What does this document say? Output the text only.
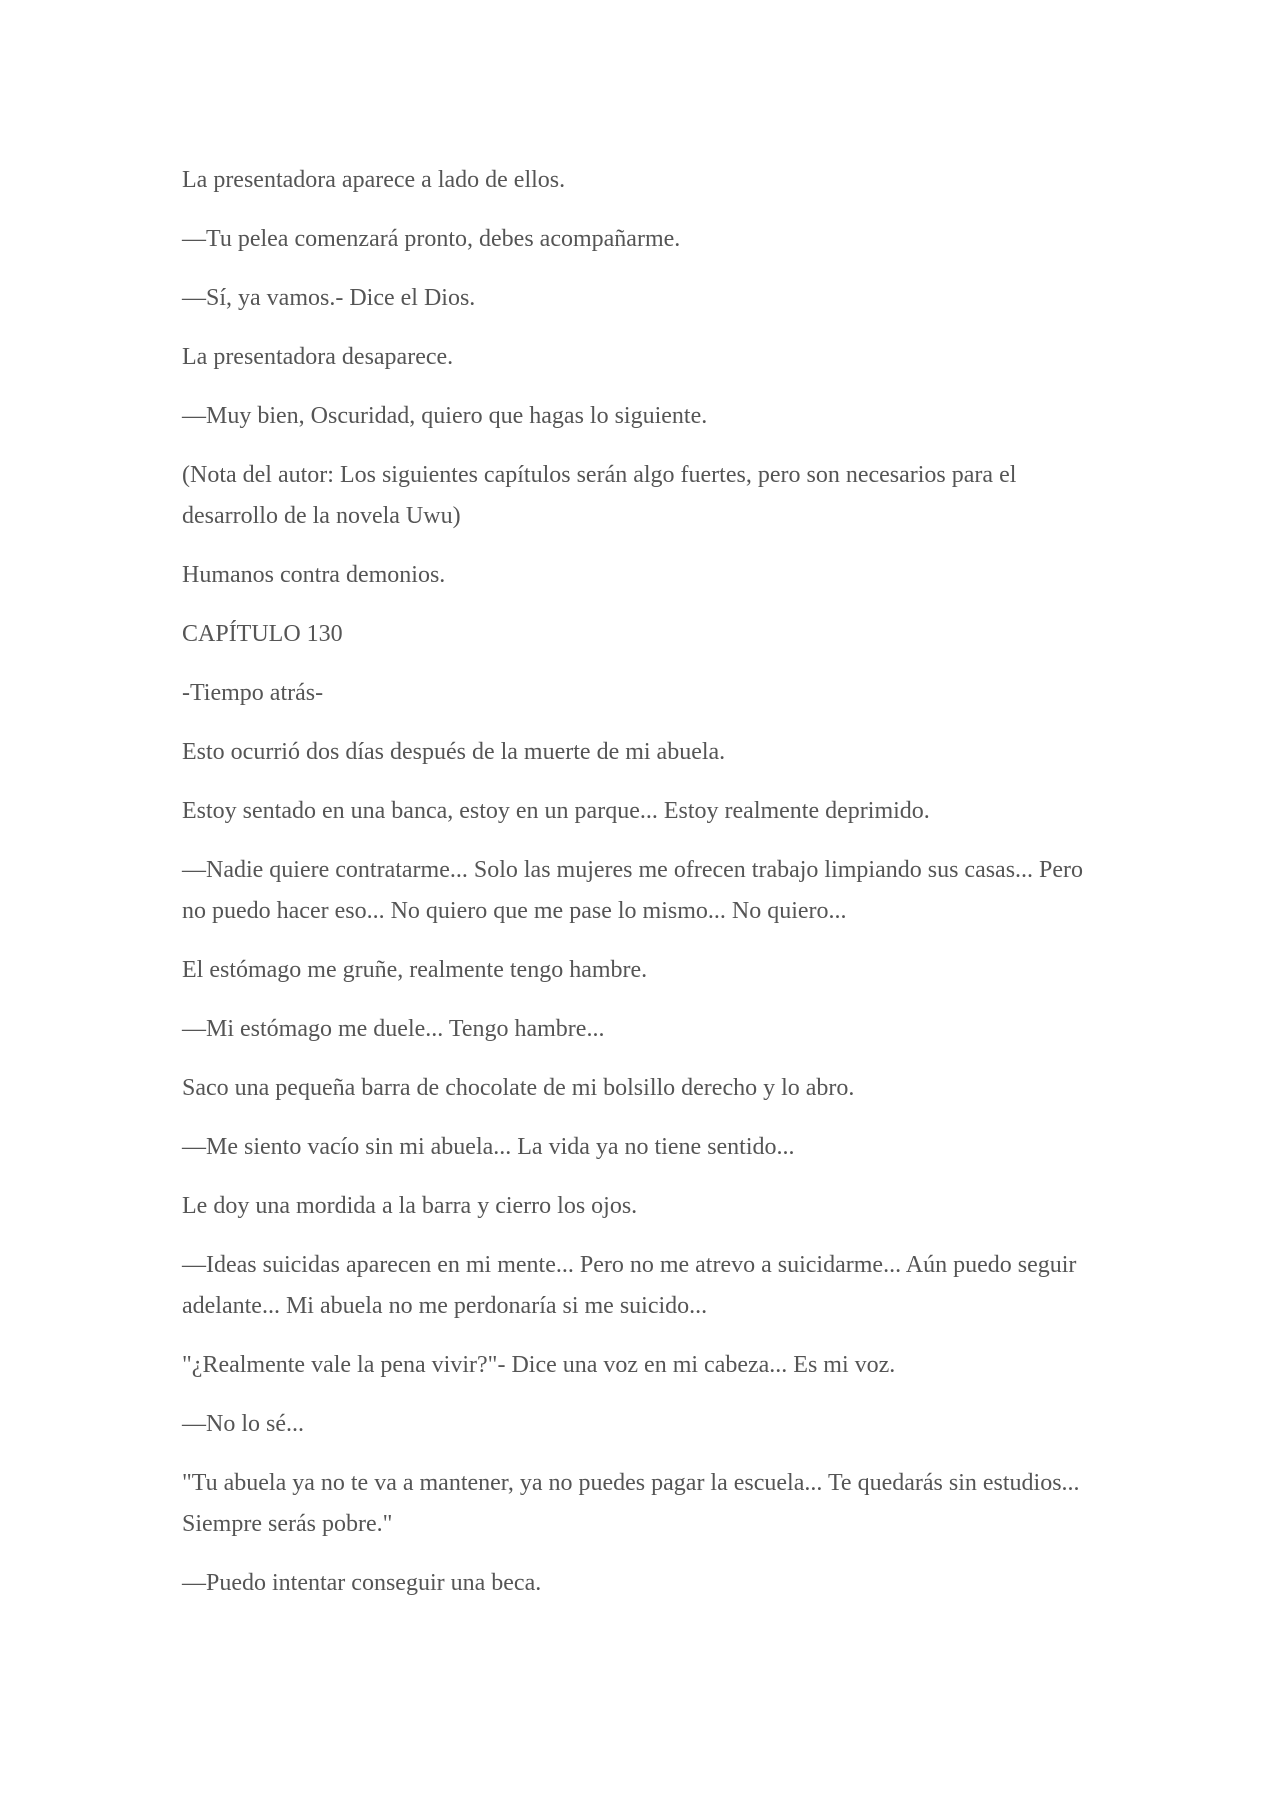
La presentadora aparece a lado de ellos.

—Tu pelea comenzará pronto, debes acompañarme.

—Sí, ya vamos.- Dice el Dios.

La presentadora desaparece.

—Muy bien, Oscuridad, quiero que hagas lo siguiente.

(Nota del autor: Los siguientes capítulos serán algo fuertes, pero son necesarios para el desarrollo de la novela Uwu)

Humanos contra demonios.

CAPÍTULO 130

-Tiempo atrás-

Esto ocurrió dos días después de la muerte de mi abuela.

Estoy sentado en una banca, estoy en un parque... Estoy realmente deprimido.

—Nadie quiere contratarme... Solo las mujeres me ofrecen trabajo limpiando sus casas... Pero no puedo hacer eso... No quiero que me pase lo mismo... No quiero...

El estómago me gruñe, realmente tengo hambre.

—Mi estómago me duele... Tengo hambre...

Saco una pequeña barra de chocolate de mi bolsillo derecho y lo abro.

—Me siento vacío sin mi abuela... La vida ya no tiene sentido...

Le doy una mordida a la barra y cierro los ojos.

—Ideas suicidas aparecen en mi mente... Pero no me atrevo a suicidarme... Aún puedo seguir adelante... Mi abuela no me perdonaría si me suicido...

"¿Realmente vale la pena vivir?"- Dice una voz en mi cabeza... Es mi voz.

—No lo sé...

"Tu abuela ya no te va a mantener, ya no puedes pagar la escuela... Te quedarás sin estudios... Siempre serás pobre."

—Puedo intentar conseguir una beca.
